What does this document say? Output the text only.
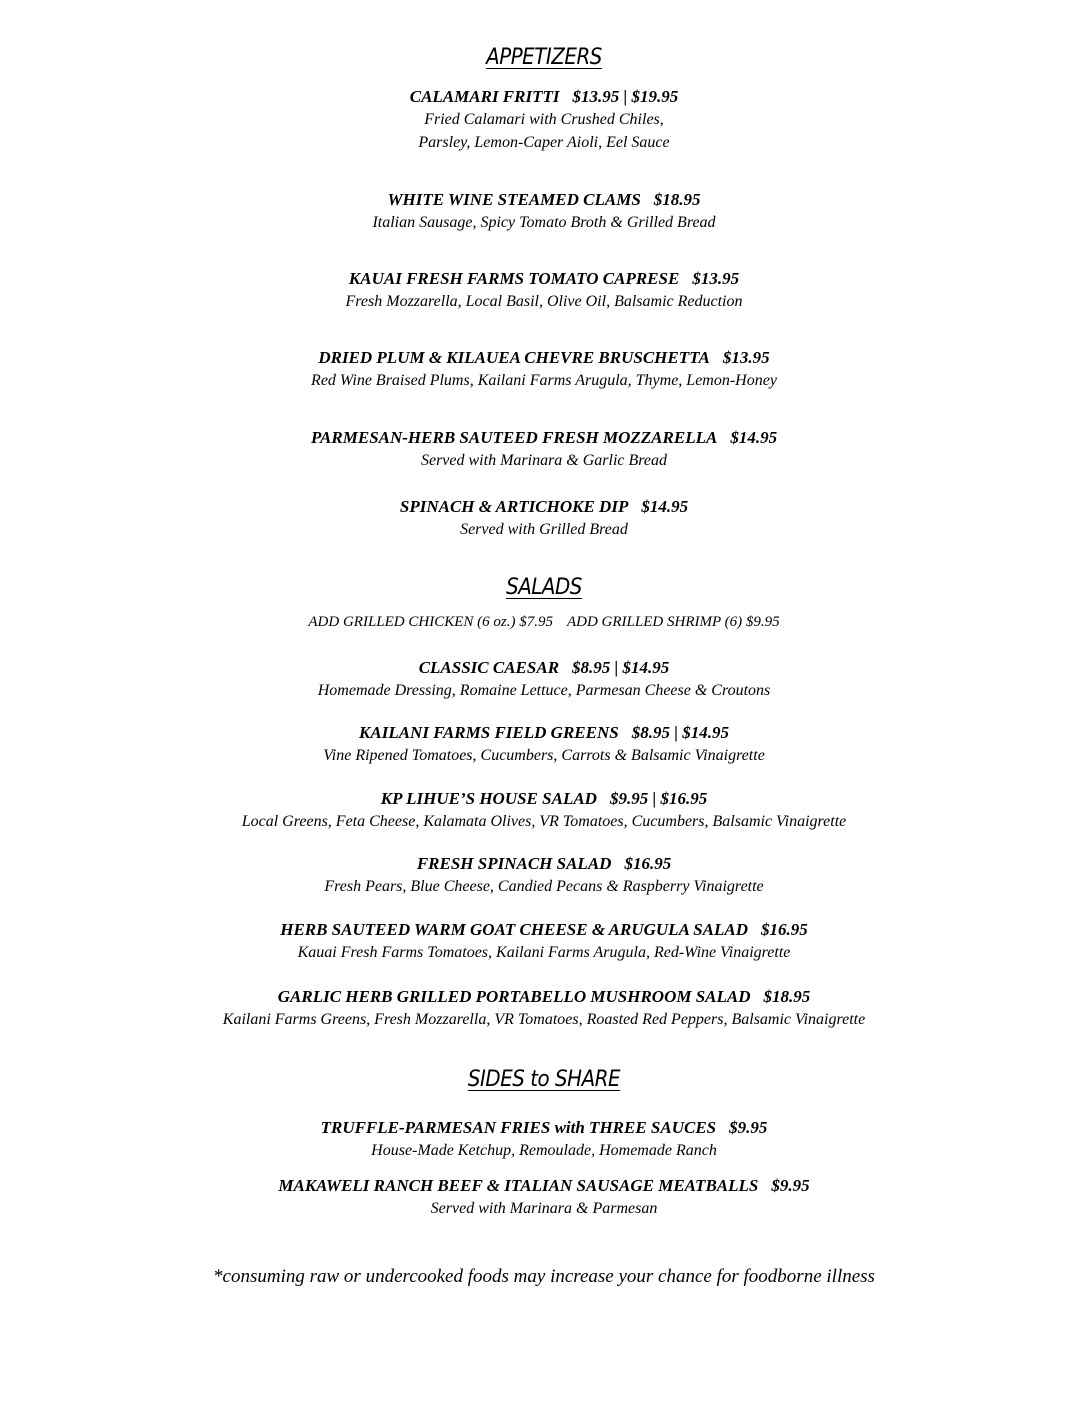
APPETIZERS
CALAMARI FRITTI $13.95 | $19.95
Fried Calamari with Crushed Chiles,
Parsley, Lemon-Caper Aioli, Eel Sauce
WHITE WINE STEAMED CLAMS $18.95
Italian Sausage, Spicy Tomato Broth & Grilled Bread
KAUAI FRESH FARMS TOMATO CAPRESE $13.95
Fresh Mozzarella, Local Basil, Olive Oil, Balsamic Reduction
DRIED PLUM & KILAUEA CHEVRE BRUSCHETTA $13.95
Red Wine Braised Plums, Kailani Farms Arugula, Thyme, Lemon-Honey
PARMESAN-HERB SAUTEED FRESH MOZZARELLA $14.95
Served with Marinara & Garlic Bread
SPINACH & ARTICHOKE DIP $14.95
Served with Grilled Bread
SALADS
ADD GRILLED CHICKEN (6 oz.) $7.95 ADD GRILLED SHRIMP (6) $9.95
CLASSIC CAESAR $8.95 | $14.95
Homemade Dressing, Romaine Lettuce, Parmesan Cheese & Croutons
KAILANI FARMS FIELD GREENS $8.95 | $14.95
Vine Ripened Tomatoes, Cucumbers, Carrots & Balsamic Vinaigrette
KP LIHUE’S HOUSE SALAD $9.95 | $16.95
Local Greens, Feta Cheese, Kalamata Olives, VR Tomatoes, Cucumbers, Balsamic Vinaigrette
FRESH SPINACH SALAD $16.95
Fresh Pears, Blue Cheese, Candied Pecans & Raspberry Vinaigrette
HERB SAUTEED WARM GOAT CHEESE & ARUGULA SALAD $16.95
Kauai Fresh Farms Tomatoes, Kailani Farms Arugula, Red-Wine Vinaigrette
GARLIC HERB GRILLED PORTABELLO MUSHROOM SALAD $18.95
Kailani Farms Greens, Fresh Mozzarella, VR Tomatoes, Roasted Red Peppers, Balsamic Vinaigrette
SIDES to SHARE
TRUFFLE-PARMESAN FRIES with THREE SAUCES $9.95
House-Made Ketchup, Remoulade, Homemade Ranch
MAKAWELI RANCH BEEF & ITALIAN SAUSAGE MEATBALLS $9.95
Served with Marinara & Parmesan
*consuming raw or undercooked foods may increase your chance for foodborne illness
